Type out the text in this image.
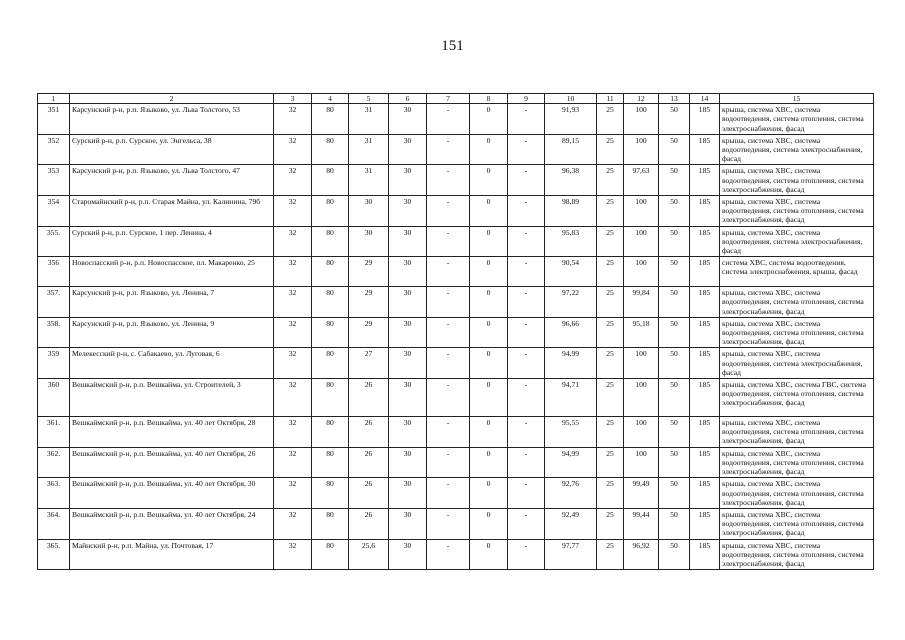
151
1	2	3	4	5	6	7	8	9	10	11	12	13	14	15
351	Карсунский р-н, р.п. Языково, ул. Льва Толстого, 53	32	80	31	30	-	0	-	91,93	25	100	50	185	крыша, система ХВС, система водоотведения, система отопления, система электроснабжения, фасад
352	Сурский р-н, р.п. Сурское, ул. Энгельса, 38	32	80	31	30	-	0	-	89,15	25	100	50	185	крыша, система ХВС, система водоотведения, система электроснабжения, фасад
353	Карсунский р-н, р.п. Языково, ул. Льва Толстого, 47	32	80	31	30	-	0	-	96,38	25	97,63	50	185	крыша, система ХВС, система водоотведения, система отопления, система электроснабжения, фасад
354	Старомайнский р-н, р.п. Старая Майна, ул. Калинина, 79б	32	80	30	30	-	0	-	98,89	25	100	50	185	крыша, система ХВС, система водоотведения, система отопления, система электроснабжения, фасад
355.	Сурский р-н, р.п. Сурское, 1 пер. Ленина, 4	32	80	30	30	-	0	-	95,83	25	100	50	185	крыша, система ХВС, система водоотведения, система электроснабжения, фасад
356	Новоспасский р-н, р.п. Новоспасское, пл. Макаренко, 25	32	80	29	30	-	0	-	90,54	25	100	50	185	система ХВС, система водоотведения, система электроснабжения, крыша, фасад
357.	Карсунский р-н, р.п. Языково, ул. Ленина, 7	32	80	29	30	-	0	-	97,22	25	99,84	50	185	крыша, система ХВС, система водоотведения, система отопления, система электроснабжения, фасад
358.	Карсунский р-н, р.п. Языково, ул. Ленина, 9	32	80	29	30	-	0	-	96,66	25	95,18	50	185	крыша, система ХВС, система водоотведения, система отопления, система электроснабжения, фасад
359	Мелекесский р-н, с. Сабакаево, ул. Луговая, 6	32	80	27	30	-	0	-	94,99	25	100	50	185	крыша, система ХВС, система водоотведения, система электроснабжения, фасад
360	Вешкаймский р-н, р.п. Вешкайма, ул. Строителей, 3	32	80	26	30	-	0	-	94,71	25	100	50	185	крыша, система ХВС, система ГВС, система водоотведения, система отопления, система электроснабжения, фасад
361.	Вешкаймский р-н, р.п. Вешкайма, ул. 40 лет Октября, 28	32	80	26	30	-	0	-	95,55	25	100	50	185	крыша, система ХВС, система водоотведения, система отопления, система электроснабжения, фасад
362.	Вешкаймский р-н, р.п. Вешкайма, ул. 40 лет Октября, 26	32	80	26	30	-	0	-	94,99	25	100	50	185	крыша, система ХВС, система водоотведения, система отопления, система электроснабжения, фасад
363.	Вешкаймский р-н, р.п. Вешкайма, ул. 40 лет Октября, 30	32	80	26	30	-	0	-	92,76	25	99,49	50	185	крыша, система ХВС, система водоотведения, система отопления, система электроснабжения, фасад
364.	Вешкаймский р-н, р.п. Вешкайма, ул. 40 лет Октября, 24	32	80	26	30	-	0	-	92,49	25	99,44	50	185	крыша, система ХВС, система водоотведения, система отопления, система электроснабжения, фасад
365.	Майнский р-н, р.п. Майна, ул. Почтовая, 17	32	80	25,6	30	-	0	-	97,77	25	96,92	50	185	крыша, система ХВС, система водоотведения, система отопления, система электроснабжения, фасад
